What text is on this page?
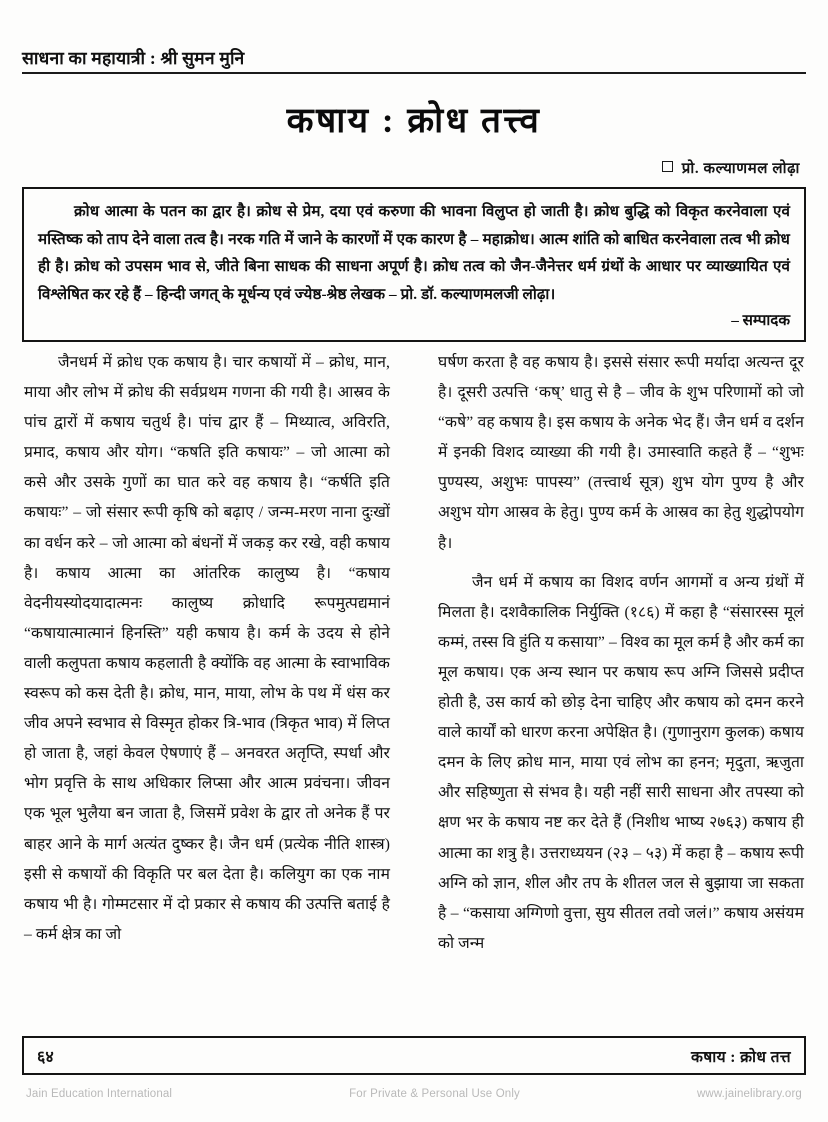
साधना का महायात्री : श्री सुमन मुनि
कषाय : क्रोध तत्त्व
प्रो. कल्याणमल लोढ़ा
क्रोध आत्मा के पतन का द्वार है। क्रोध से प्रेम, दया एवं करुणा की भावना विलुप्त हो जाती है। क्रोध बुद्धि को विकृत करनेवाला एवं मस्तिष्क को ताप देने वाला तत्व है। नरक गति में जाने के कारणों में एक कारण है – महाक्रोध। आत्म शांति को बाधित करनेवाला तत्व भी क्रोध ही है। क्रोध को उपसम भाव से, जीते बिना साधक की साधना अपूर्ण है। क्रोध तत्व को जैन-जैनेत्तर धर्म ग्रंथों के आधार पर व्याख्यायित एवं विश्लेषित कर रहे हैं – हिन्दी जगत् के मूर्धन्य एवं ज्येष्ठ-श्रेष्ठ लेखक – प्रो. डॉ. कल्याणमलजी लोढ़ा।
– सम्पादक

जैनधर्म में क्रोध एक कषाय है। चार कषायों में – क्रोध, मान, माया और लोभ में क्रोध की सर्वप्रथम गणना की गयी है। आस्रव के पांच द्वारों में कषाय चतुर्थ है। पांच द्वार हैं – मिथ्यात्व, अविरति, प्रमाद, कषाय और योग। “कषति इति कषायः” – जो आत्मा को कसे और उसके गुणों का घात करे वह कषाय है। “कर्षति इति कषायः” – जो संसार रूपी कृषि को बढ़ाए / जन्म-मरण नाना दुःखों का वर्धन करे – जो आत्मा को बंधनों में जकड़ कर रखे, वही कषाय है। कषाय आत्मा का आंतरिक कालुष्य है। “कषाय वेदनीयस्योदयादात्मनः कालुष्य क्रोधादि रूपमुत्पद्यमानं “कषायात्मात्मानं हिनस्ति” यही कषाय है। कर्म के उदय से होने वाली कलुपता कषाय कहलाती है क्योंकि वह आत्मा के स्वाभाविक स्वरूप को कस देती है। क्रोध, मान, माया, लोभ के पथ में धंस कर जीव अपने स्वभाव से विस्मृत होकर त्रि-भाव (त्रिकृत भाव) में लिप्त हो जाता है, जहां केवल ऐषणाएं हैं – अनवरत अतृप्ति, स्पर्धा और भोग प्रवृत्ति के साथ अधिकार लिप्सा और आत्म प्रवंचना। जीवन एक भूल भुलैया बन जाता है, जिसमें प्रवेश के द्वार तो अनेक हैं पर बाहर आने के मार्ग अत्यंत दुष्कर है। जैन धर्म (प्रत्येक नीति शास्त्र) इसी से कषायों की विकृति पर बल देता है। कलियुग का एक नाम कषाय भी है। गोम्मटसार में दो प्रकार से कषाय की उत्पत्ति बताई है – कर्म क्षेत्र का जो

घर्षण करता है वह कषाय है। इससे संसार रूपी मर्यादा अत्यन्त दूर है। दूसरी उत्पत्ति ‘कष्’ धातु से है – जीव के शुभ परिणामों को जो “कषे” वह कषाय है। इस कषाय के अनेक भेद हैं। जैन धर्म व दर्शन में इनकी विशद व्याख्या की गयी है। उमास्वाति कहते हैं – “शुभः पुण्यस्य, अशुभः पापस्य” (तत्त्वार्थ सूत्र) शुभ योग पुण्य है और अशुभ योग आस्रव के हेतु। पुण्य कर्म के आस्रव का हेतु शुद्धोपयोग है।

जैन धर्म में कषाय का विशद वर्णन आगमों व अन्य ग्रंथों में मिलता है। दशवैकालिक निर्युक्ति (१८६) में कहा है “संसारस्स मूलं कम्मं, तस्स वि हुंति य कसाया” – विश्व का मूल कर्म है और कर्म का मूल कषाय। एक अन्य स्थान पर कषाय रूप अग्नि जिससे प्रदीप्त होती है, उस कार्य को छोड़ देना चाहिए और कषाय को दमन करने वाले कार्यों को धारण करना अपेक्षित है। (गुणानुराग कुलक) कषाय दमन के लिए क्रोध मान, माया एवं लोभ का हनन; मृदुता, ऋजुता और सहिष्णुता से संभव है। यही नहीं सारी साधना और तपस्या को क्षण भर के कषाय नष्ट कर देते हैं (निशीथ भाष्य २७६३) कषाय ही आत्मा का शत्रु है। उत्तराध्ययन (२३ – ५३) में कहा है – कषाय रूपी अग्नि को ज्ञान, शील और तप के शीतल जल से बुझाया जा सकता है – “कसाया अग्गिणो वुत्ता, सुय सीतल तवो जलं।” कषाय असंयम को जन्म

६४	कषाय : क्रोध तत्त
Jain Education International	For Private & Personal Use Only	www.jainelibrary.org
